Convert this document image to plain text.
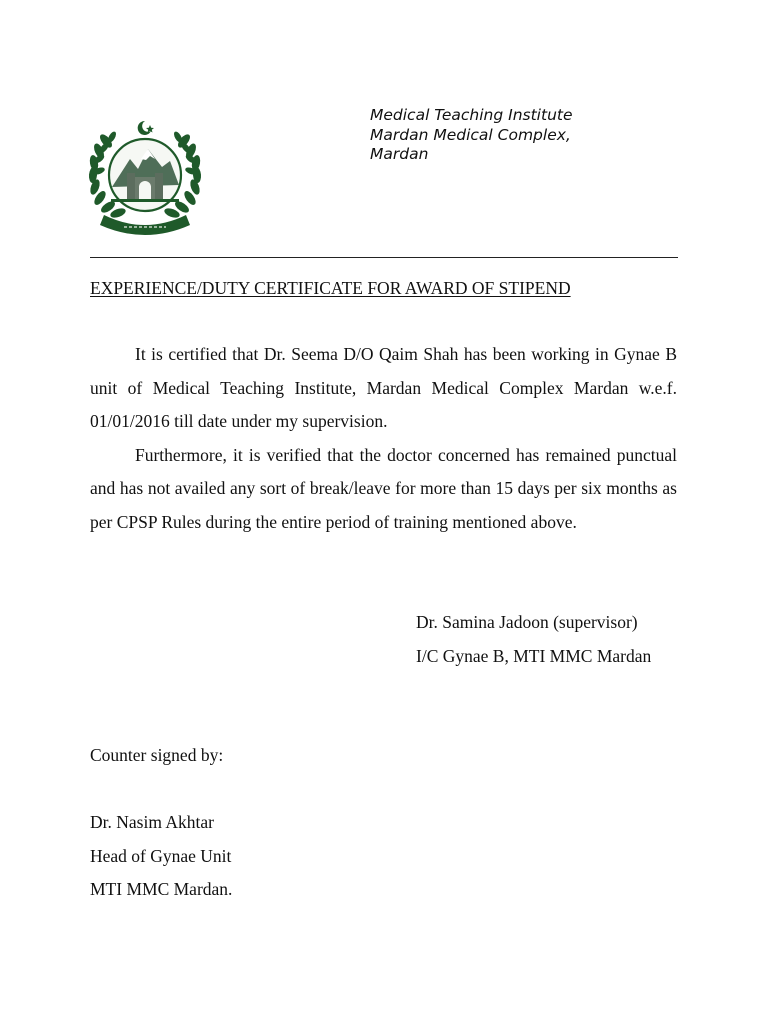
Medical Teaching Institute
Mardan Medical Complex,
Mardan
EXPERIENCE/DUTY CERTIFICATE FOR AWARD OF STIPEND

It is certified that Dr. Seema D/O Qaim Shah has been working in Gynae B unit of Medical Teaching Institute, Mardan Medical Complex Mardan w.e.f. 01/01/2016 till date under my supervision.

Furthermore, it is verified that the doctor concerned has remained punctual and has not availed any sort of break/leave for more than 15 days per six months as per CPSP Rules during the entire period of training mentioned above.

Dr. Samina Jadoon (supervisor)
I/C Gynae B, MTI MMC Mardan
Counter signed by:
Dr. Nasim Akhtar
Head of Gynae Unit
MTI MMC Mardan.
